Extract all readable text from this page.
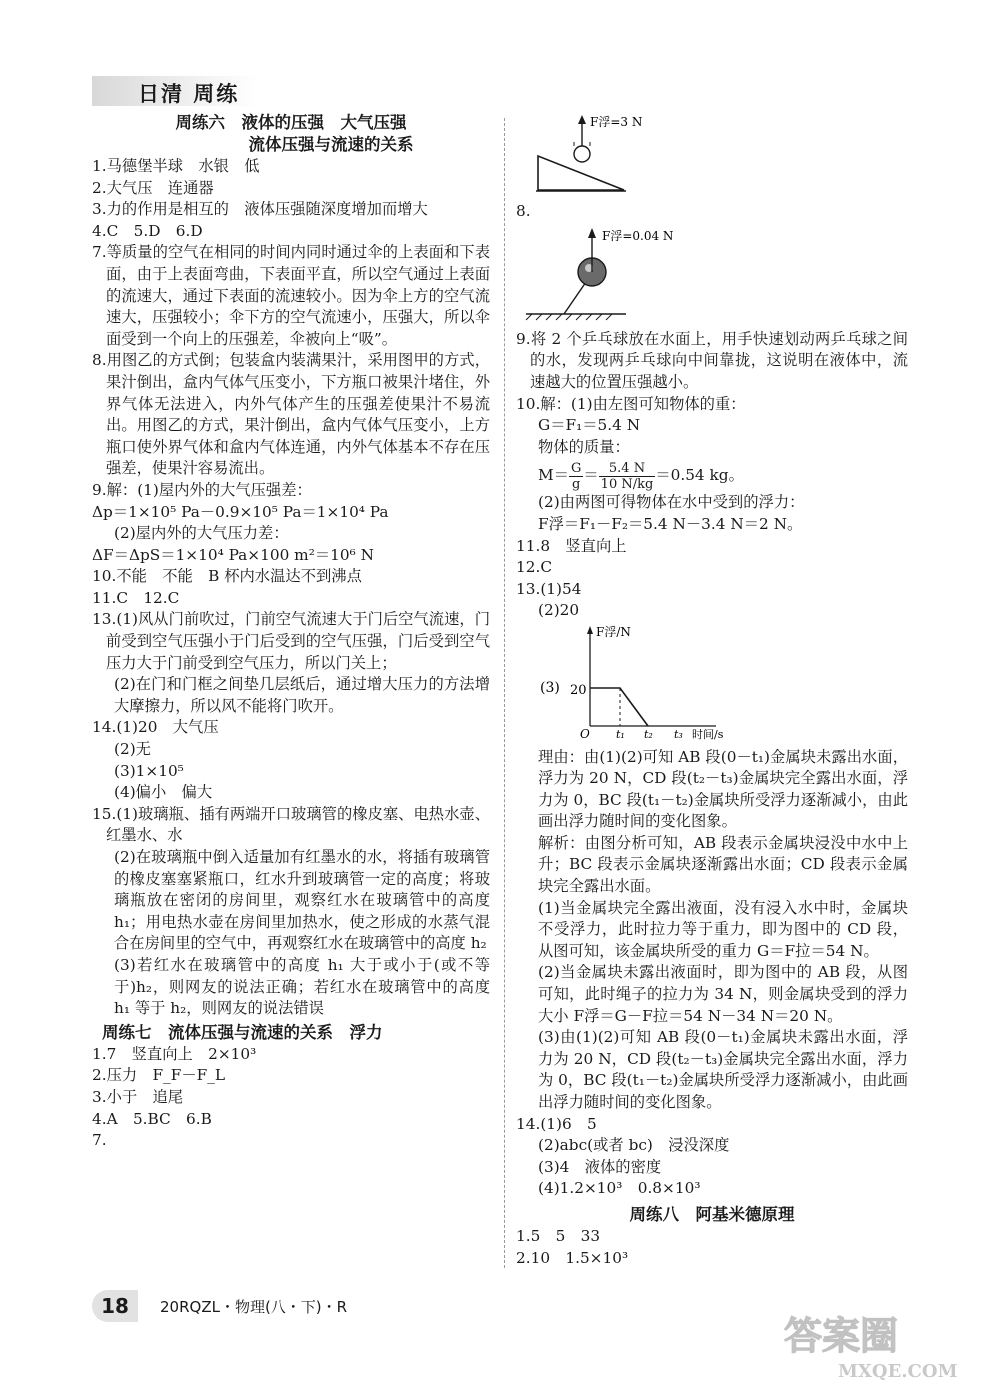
日清 周练

周练六　液体的压强　大气压强
流体压强与流速的关系

1.马德堡半球　水银　低

2.大气压　连通器

3.力的作用是相互的　液体压强随深度增加而增大

4.C　5.D　6.D

7.等质量的空气在相同的时间内同时通过伞的上表面和下表面，由于上表面弯曲，下表面平直，所以空气通过上表面的流速大，通过下表面的流速较小。因为伞上方的空气流速大，压强较小；伞下方的空气流速小，压强大，所以伞面受到一个向上的压强差，伞被向上“吸”。

8.用图乙的方式倒；包装盒内装满果汁，采用图甲的方式，果汁倒出，盒内气体气压变小，下方瓶口被果汁堵住，外界气体无法进入，内外气体产生的压强差使果汁不易流出。用图乙的方式，果汁倒出，盒内气体气压变小，上方瓶口使外界气体和盒内气体连通，内外气体基本不存在压强差，使果汁容易流出。

9.解：(1)屋内外的大气压强差：

Δp＝1×10⁵ Pa－0.9×10⁵ Pa＝1×10⁴ Pa

(2)屋内外的大气压力差：

ΔF＝ΔpS＝1×10⁴ Pa×100 m²＝10⁶ N

10.不能　不能　B 杯内水温达不到沸点

11.C　12.C

13.(1)风从门前吹过，门前空气流速大于门后空气流速，门前受到空气压强小于门后受到的空气压强，门后受到空气压力大于门前受到空气压力，所以门关上；

(2)在门和门框之间垫几层纸后，通过增大压力的方法增大摩擦力，所以风不能将门吹开。

14.(1)20　大气压

(2)无

(3)1×10⁵

(4)偏小　偏大

15.(1)玻璃瓶、插有两端开口玻璃管的橡皮塞、电热水壶、红墨水、水

(2)在玻璃瓶中倒入适量加有红墨水的水，将插有玻璃管的橡皮塞塞紧瓶口，红水升到玻璃管一定的高度；将玻璃瓶放在密闭的房间里，观察红水在玻璃管中的高度 h₁；用电热水壶在房间里加热水，使之形成的水蒸气混合在房间里的空气中，再观察红水在玻璃管中的高度 h₂

(3)若红水在玻璃管中的高度 h₁ 大于或小于(或不等于)h₂，则网友的说法正确；若红水在玻璃管中的高度 h₁ 等于 h₂，则网友的说法错误

周练七　流体压强与流速的关系　浮力

1.7　竖直向上　2×10³

2.压力　F_F－F_L

3.小于　追尾

4.A　5.BC　6.B

7.

F浮=3 N

8.

F浮=0.04 N

9.将 2 个乒乓球放在水面上，用手快速划动两乒乓球之间的水，发现两乒乓球向中间靠拢，这说明在液体中，流速越大的位置压强越小。

10.解：(1)由左图可知物体的重：

G＝F₁＝5.4 N

物体的质量：

$M= \frac{G}{g} = \frac{5.4 N}{10 N/kg} =0.54$ kg。

(2)由两图可得物体在水中受到的浮力：

F浮＝F₁－F₂＝5.4 N－3.4 N＝2 N。

11.8　竖直向上

12.C

13.(1)54

(2)20

(3)
F浮/N
20
O t₁ t₂ t₃ 时间/s

理由：由(1)(2)可知 AB 段(0－t₁)金属块未露出水面，浮力为 20 N，CD 段(t₂－t₃)金属块完全露出水面，浮力为 0，BC 段(t₁－t₂)金属块所受浮力逐渐减小，由此画出浮力随时间的变化图象。

解析：由图分析可知，AB 段表示金属块浸没中水中上升；BC 段表示金属块逐渐露出水面；CD 段表示金属块完全露出水面。

(1)当金属块完全露出液面，没有浸入水中时，金属块不受浮力，此时拉力等于重力，即为图中的 CD 段，从图可知，该金属块所受的重力 G＝F拉＝54 N。

(2)当金属块未露出液面时，即为图中的 AB 段，从图可知，此时绳子的拉力为 34 N，则金属块受到的浮力大小 F浮＝G－F拉＝54 N－34 N＝20 N。

(3)由(1)(2)可知 AB 段(0－t₁)金属块未露出水面，浮力为 20 N，CD 段(t₂－t₃)金属块完全露出水面，浮力为 0，BC 段(t₁－t₂)金属块所受浮力逐渐减小，由此画出浮力随时间的变化图象。

14.(1)6　5

(2)abc(或者 bc)　浸没深度

(3)4　液体的密度

(4)1.2×10³　0.8×10³

周练八　阿基米德原理

1.5　5　33

2.10　1.5×10³

18	20RQZL・物理(八・下)・R
答案圈
MXQE.COM
